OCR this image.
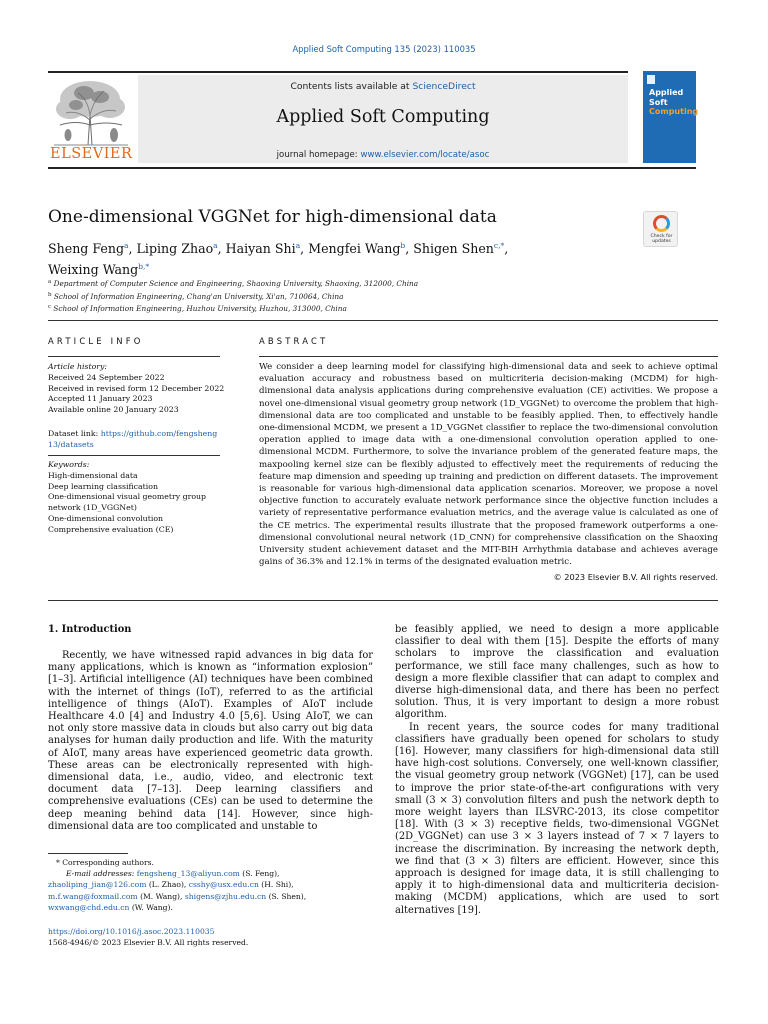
Applied Soft Computing 135 (2023) 110035
ELSEVIER
Contents lists available at ScienceDirect
Applied Soft Computing
journal homepage: www.elsevier.com/locate/asoc
Applied
Soft
Computing
One-dimensional VGGNet for high-dimensional data
Check for updates
Sheng Feng$^a$, Liping Zhao$^a$, Haiyan Shi$^a$, Mengfei Wang$^b$, Shigen Shen$^{c,*}$,
Weixing Wang$^{b,*}$
$^a$ Department of Computer Science and Engineering, Shaoxing University, Shaoxing, 312000, China
$^b$ School of Information Engineering, Chang'an University, Xi'an, 710064, China
$^c$ School of Information Engineering, Huzhou University, Huzhou, 313000, China
ARTICLE INFO
Article history:
Received 24 September 2022
Received in revised form 12 December 2022
Accepted 11 January 2023
Available online 20 January 2023
Dataset link: https://github.com/fengsheng
13/datasets
Keywords:
High-dimensional data
Deep learning classification
One-dimensional visual geometry group
network (1D_VGGNet)
One-dimensional convolution
Comprehensive evaluation (CE)
ABSTRACT
We consider a deep learning model for classifying high-dimensional data and seek to achieve optimal evaluation accuracy and robustness based on multicriteria decision-making (MCDM) for high-dimensional data analysis applications during comprehensive evaluation (CE) activities. We propose a novel one-dimensional visual geometry group network (1D_VGGNet) to overcome the problem that high-dimensional data are too complicated and unstable to be feasibly applied. Then, to effectively handle one-dimensional MCDM, we present a 1D_VGGNet classifier to replace the two-dimensional convolution operation applied to image data with a one-dimensional convolution operation applied to one-dimensional MCDM. Furthermore, to solve the invariance problem of the generated feature maps, the maxpooling kernel size can be flexibly adjusted to effectively meet the requirements of reducing the feature map dimension and speeding up training and prediction on different datasets. The improvement is reasonable for various high-dimensional data application scenarios. Moreover, we propose a novel objective function to accurately evaluate network performance since the objective function includes a variety of representative performance evaluation metrics, and the average value is calculated as one of the CE metrics. The experimental results illustrate that the proposed framework outperforms a one-dimensional convolutional neural network (1D_CNN) for comprehensive classification on the Shaoxing University student achievement dataset and the MIT-BIH Arrhythmia database and achieves average gains of 36.3% and 12.1% in terms of the designated evaluation metric.
© 2023 Elsevier B.V. All rights reserved.
1. Introduction

Recently, we have witnessed rapid advances in big data for many applications, which is known as “information explosion” [1–3]. Artificial intelligence (AI) techniques have been combined with the internet of things (IoT), referred to as the artificial intelligence of things (AIoT). Examples of AIoT include Healthcare 4.0 [4] and Industry 4.0 [5,6]. Using AIoT, we can not only store massive data in clouds but also carry out big data analyses for human daily production and life. With the maturity of AIoT, many areas have experienced geometric data growth. These areas can be electronically represented with high-dimensional data, i.e., audio, video, and electronic text document data [7–13]. Deep learning classifiers and comprehensive evaluations (CEs) can be used to determine the deep meaning behind data [14]. However, since high-dimensional data are too complicated and unstable to

be feasibly applied, we need to design a more applicable classifier to deal with them [15]. Despite the efforts of many scholars to improve the classification and evaluation performance, we still face many challenges, such as how to design a more flexible classifier that can adapt to complex and diverse high-dimensional data, and there has been no perfect solution. Thus, it is very important to design a more robust algorithm.

In recent years, the source codes for many traditional classifiers have gradually been opened for scholars to study [16]. However, many classifiers for high-dimensional data still have high-cost solutions. Conversely, one well-known classifier, the visual geometry group network (VGGNet) [17], can be used to improve the prior state-of-the-art configurations with very small (3 × 3) convolution filters and push the network depth to more weight layers than ILSVRC-2013, its close competitor [18]. With (3 × 3) receptive fields, two-dimensional VGGNet (2D_VGGNet) can use 3 × 3 layers instead of 7 × 7 layers to increase the discrimination. By increasing the network depth, we find that (3 × 3) filters are efficient. However, since this approach is designed for image data, it is still challenging to apply it to high-dimensional data and multicriteria decision-making (MCDM) applications, which are used to sort alternatives [19].

* Corresponding authors.
E-mail addresses: fengsheng_13@aliyun.com (S. Feng),
zhaoliping_jian@126.com (L. Zhao), csshy@usx.edu.cn (H. Shi),
m.f.wang@foxmail.com (M. Wang), shigens@zjhu.edu.cn (S. Shen),
wxwang@chd.edu.cn (W. Wang).
https://doi.org/10.1016/j.asoc.2023.110035
1568-4946/© 2023 Elsevier B.V. All rights reserved.
